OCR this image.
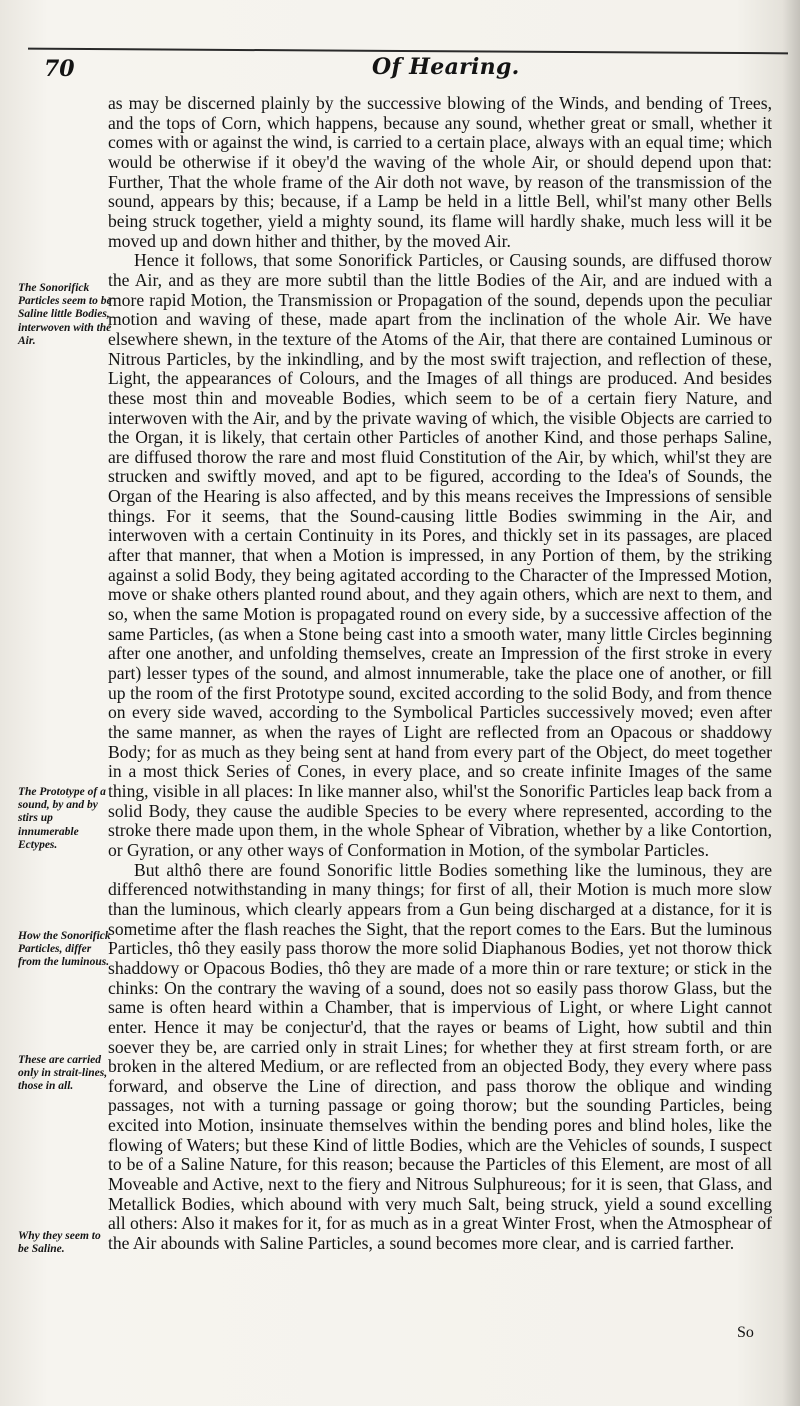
70	Of Hearing.
The Sonorifick Particles seem to be Saline little Bodies, interwoven with the Air.
The Prototype of a sound, by and by stirs up innumerable Ectypes.
How the Sonorifick Particles, differ from the luminous.
These are carried only in strait-lines, those in all.
Why they seem to be Saline.

as may be discerned plainly by the successive blowing of the Winds, and bending of Trees, and the tops of Corn, which happens, because any sound, whether great or small, whether it comes with or against the wind, is carried to a certain place, always with an equal time; which would be otherwise if it obey'd the waving of the whole Air, or should depend upon that: Further, That the whole frame of the Air doth not wave, by reason of the transmission of the sound, appears by this; because, if a Lamp be held in a little Bell, whil'st many other Bells being struck together, yield a mighty sound, its flame will hardly shake, much less will it be moved up and down hither and thither, by the moved Air.

Hence it follows, that some Sonorifick Particles, or Causing sounds, are diffused thorow the Air, and as they are more subtil than the little Bodies of the Air, and are indued with a more rapid Motion, the Transmission or Propagation of the sound, depends upon the peculiar motion and waving of these, made apart from the inclination of the whole Air. We have elsewhere shewn, in the texture of the Atoms of the Air, that there are contained Luminous or Nitrous Particles, by the inkindling, and by the most swift trajection, and reflection of these, Light, the appearances of Colours, and the Images of all things are produced. And besides these most thin and moveable Bodies, which seem to be of a certain fiery Nature, and interwoven with the Air, and by the private waving of which, the visible Objects are carried to the Organ, it is likely, that certain other Particles of another Kind, and those perhaps Saline, are diffused thorow the rare and most fluid Constitution of the Air, by which, whil'st they are strucken and swiftly moved, and apt to be figured, according to the Idea's of Sounds, the Organ of the Hearing is also affected, and by this means receives the Impressions of sensible things. For it seems, that the Sound-causing little Bodies swimming in the Air, and interwoven with a certain Continuity in its Pores, and thickly set in its passages, are placed after that manner, that when a Motion is impressed, in any Portion of them, by the striking against a solid Body, they being agitated according to the Character of the Impressed Motion, move or shake others planted round about, and they again others, which are next to them, and so, when the same Motion is propagated round on every side, by a successive affection of the same Particles, (as when a Stone being cast into a smooth water, many little Circles beginning after one another, and unfolding themselves, create an Impression of the first stroke in every part) lesser types of the sound, and almost innumerable, take the place one of another, or fill up the room of the first Prototype sound, excited according to the solid Body, and from thence on every side waved, according to the Symbolical Particles successively moved; even after the same manner, as when the rayes of Light are reflected from an Opacous or shaddowy Body; for as much as they being sent at hand from every part of the Object, do meet together in a most thick Series of Cones, in every place, and so create infinite Images of the same thing, visible in all places: In like manner also, whil'st the Sonorific Particles leap back from a solid Body, they cause the audible Species to be every where represented, according to the stroke there made upon them, in the whole Sphear of Vibration, whether by a like Contortion, or Gyration, or any other ways of Conformation in Motion, of the symbolar Particles.

But althô there are found Sonorific little Bodies something like the luminous, they are differenced notwithstanding in many things; for first of all, their Motion is much more slow than the luminous, which clearly appears from a Gun being discharged at a distance, for it is sometime after the flash reaches the Sight, that the report comes to the Ears. But the luminous Particles, thô they easily pass thorow the more solid Diaphanous Bodies, yet not thorow thick shaddowy or Opacous Bodies, thô they are made of a more thin or rare texture; or stick in the chinks: On the contrary the waving of a sound, does not so easily pass thorow Glass, but the same is often heard within a Chamber, that is impervious of Light, or where Light cannot enter. Hence it may be conjectur'd, that the rayes or beams of Light, how subtil and thin soever they be, are carried only in strait Lines; for whether they at first stream forth, or are broken in the altered Medium, or are reflected from an objected Body, they every where pass forward, and observe the Line of direction, and pass thorow the oblique and winding passages, not with a turning passage or going thorow; but the sounding Particles, being excited into Motion, insinuate themselves within the bending pores and blind holes, like the flowing of Waters; but these Kind of little Bodies, which are the Vehicles of sounds, I suspect to be of a Saline Nature, for this reason; because the Particles of this Element, are most of all Moveable and Active, next to the fiery and Nitrous Sulphureous; for it is seen, that Glass, and Metallick Bodies, which abound with very much Salt, being struck, yield a sound excelling all others: Also it makes for it, for as much as in a great Winter Frost, when the Atmosphear of the Air abounds with Saline Particles, a sound becomes more clear, and is carried farther.

So
